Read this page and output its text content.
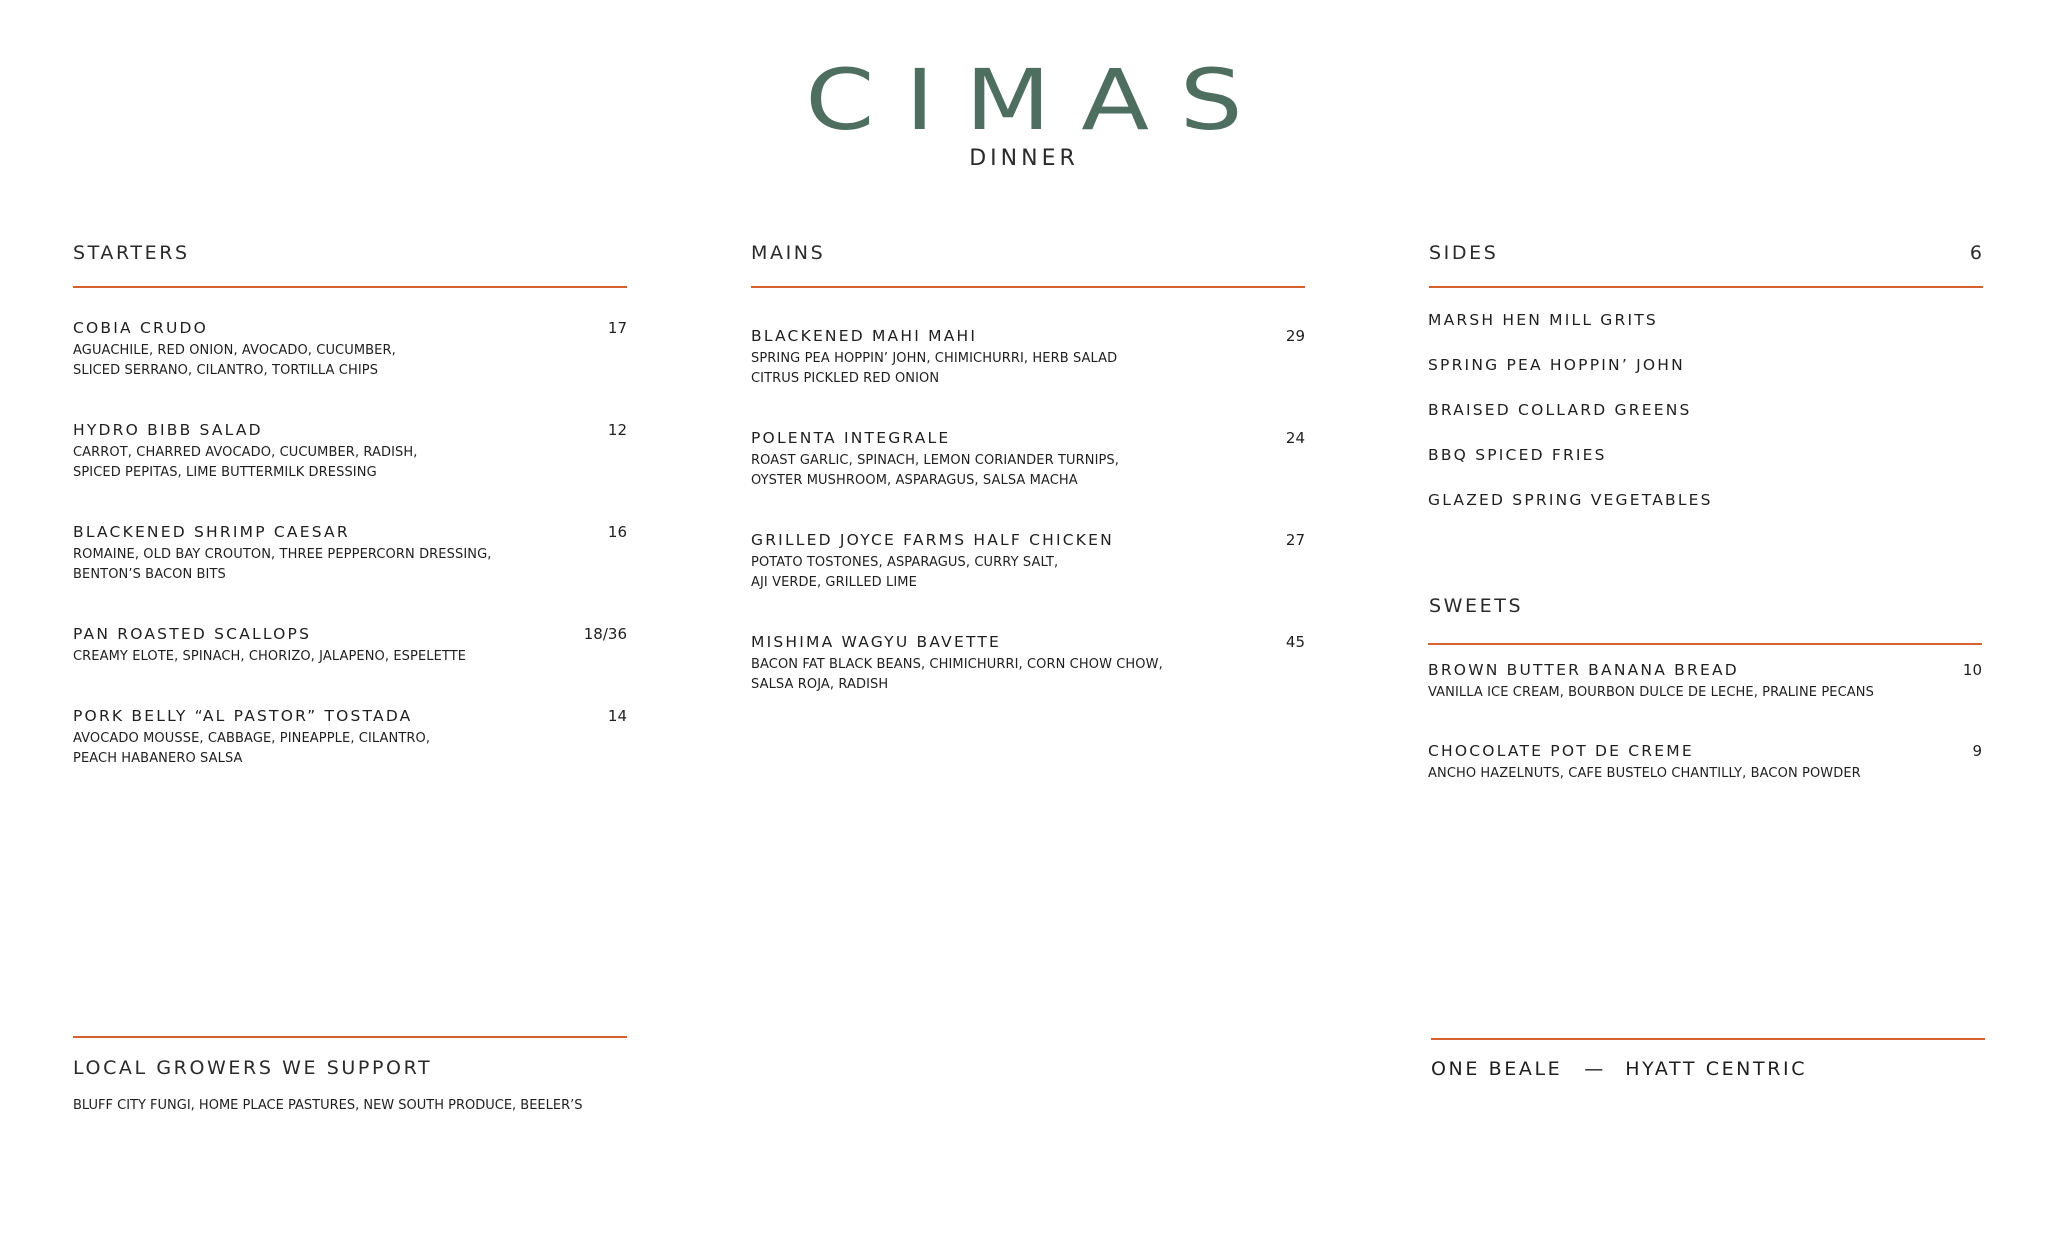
CIMAS
DINNER
STARTERS
COBIA CRUDO	17
AGUACHILE, RED ONION, AVOCADO, CUCUMBER,
SLICED SERRANO, CILANTRO, TORTILLA CHIPS
HYDRO BIBB SALAD	12
CARROT, CHARRED AVOCADO, CUCUMBER, RADISH,
SPICED PEPITAS, LIME BUTTERMILK DRESSING
BLACKENED SHRIMP CAESAR	16
ROMAINE, OLD BAY CROUTON, THREE PEPPERCORN DRESSING,
BENTON’S BACON BITS
PAN ROASTED SCALLOPS	18/36
CREAMY ELOTE, SPINACH, CHORIZO, JALAPENO, ESPELETTE
PORK BELLY “AL PASTOR” TOSTADA	14
AVOCADO MOUSSE, CABBAGE, PINEAPPLE, CILANTRO,
PEACH HABANERO SALSA
MAINS
BLACKENED MAHI MAHI	29
SPRING PEA HOPPIN’ JOHN, CHIMICHURRI, HERB SALAD
CITRUS PICKLED RED ONION
POLENTA INTEGRALE	24
ROAST GARLIC, SPINACH, LEMON CORIANDER TURNIPS,
OYSTER MUSHROOM, ASPARAGUS, SALSA MACHA
GRILLED JOYCE FARMS HALF CHICKEN	27
POTATO TOSTONES, ASPARAGUS, CURRY SALT,
AJI VERDE, GRILLED LIME
MISHIMA WAGYU BAVETTE	45
BACON FAT BLACK BEANS, CHIMICHURRI, CORN CHOW CHOW,
SALSA ROJA, RADISH
SIDES	6
MARSH HEN MILL GRITS
SPRING PEA HOPPIN’ JOHN
BRAISED COLLARD GREENS
BBQ SPICED FRIES
GLAZED SPRING VEGETABLES
SWEETS
BROWN BUTTER BANANA BREAD	10
VANILLA ICE CREAM, BOURBON DULCE DE LECHE, PRALINE PECANS
CHOCOLATE POT DE CREME	9
ANCHO HAZELNUTS, CAFE BUSTELO CHANTILLY, BACON POWDER
LOCAL GROWERS WE SUPPORT
BLUFF CITY FUNGI, HOME PLACE PASTURES, NEW SOUTH PRODUCE, BEELER’S
ONE BEALE — HYATT CENTRIC
